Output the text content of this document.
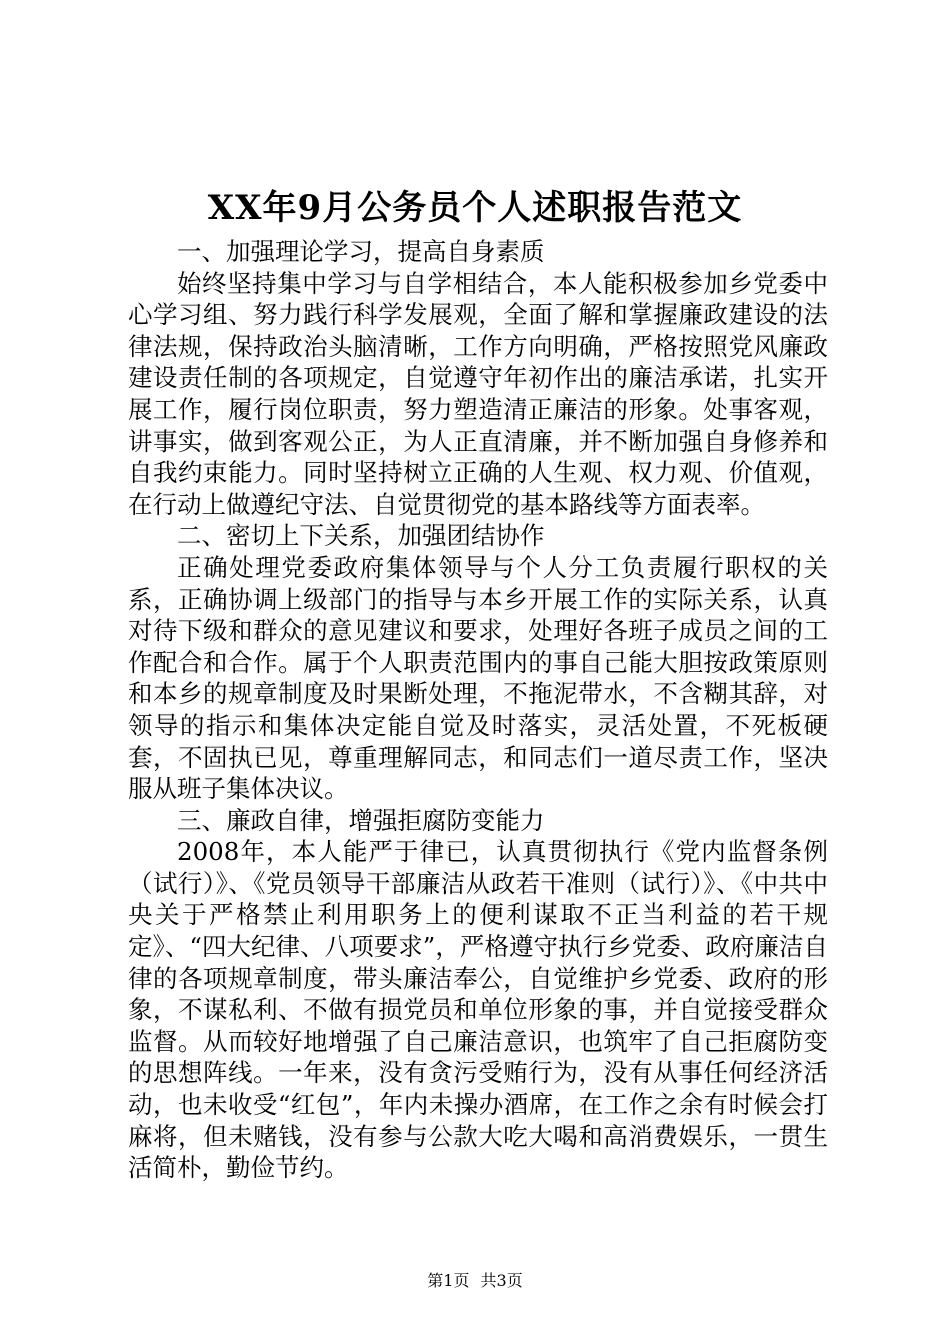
XX年9月公务员个人述职报告范文

一、加强理论学习，提高自身素质

始终坚持集中学习与自学相结合，本人能积极参加乡党委中心学习组、努力践行科学发展观，全面了解和掌握廉政建设的法律法规，保持政治头脑清晰，工作方向明确，严格按照党风廉政建设责任制的各项规定，自觉遵守年初作出的廉洁承诺，扎实开展工作，履行岗位职责，努力塑造清正廉洁的形象。处事客观，讲事实，做到客观公正，为人正直清廉，并不断加强自身修养和自我约束能力。同时坚持树立正确的人生观、权力观、价值观，在行动上做遵纪守法、自觉贯彻党的基本路线等方面表率。

二、密切上下关系，加强团结协作

正确处理党委政府集体领导与个人分工负责履行职权的关系，正确协调上级部门的指导与本乡开展工作的实际关系，认真对待下级和群众的意见建议和要求，处理好各班子成员之间的工作配合和合作。属于个人职责范围内的事自己能大胆按政策原则和本乡的规章制度及时果断处理，不拖泥带水，不含糊其辞，对领导的指示和集体决定能自觉及时落实，灵活处置，不死板硬套，不固执已见，尊重理解同志，和同志们一道尽责工作，坚决服从班子集体决议。

三、廉政自律，增强拒腐防变能力

2008年，本人能严于律已，认真贯彻执行《党内监督条例（试行）》、《党员领导干部廉洁从政若干准则（试行）》、《中共中央关于严格禁止利用职务上的便利谋取不正当利益的若干规定》、“四大纪律、八项要求”，严格遵守执行乡党委、政府廉洁自律的各项规章制度，带头廉洁奉公，自觉维护乡党委、政府的形象，不谋私利、不做有损党员和单位形象的事，并自觉接受群众监督。从而较好地增强了自己廉洁意识，也筑牢了自己拒腐防变的思想阵线。一年来，没有贪污受贿行为，没有从事任何经济活动，也未收受“红包”，年内未操办酒席，在工作之余有时候会打麻将，但未赌钱，没有参与公款大吃大喝和高消费娱乐，一贯生活简朴，勤俭节约。

第1页 共3页
